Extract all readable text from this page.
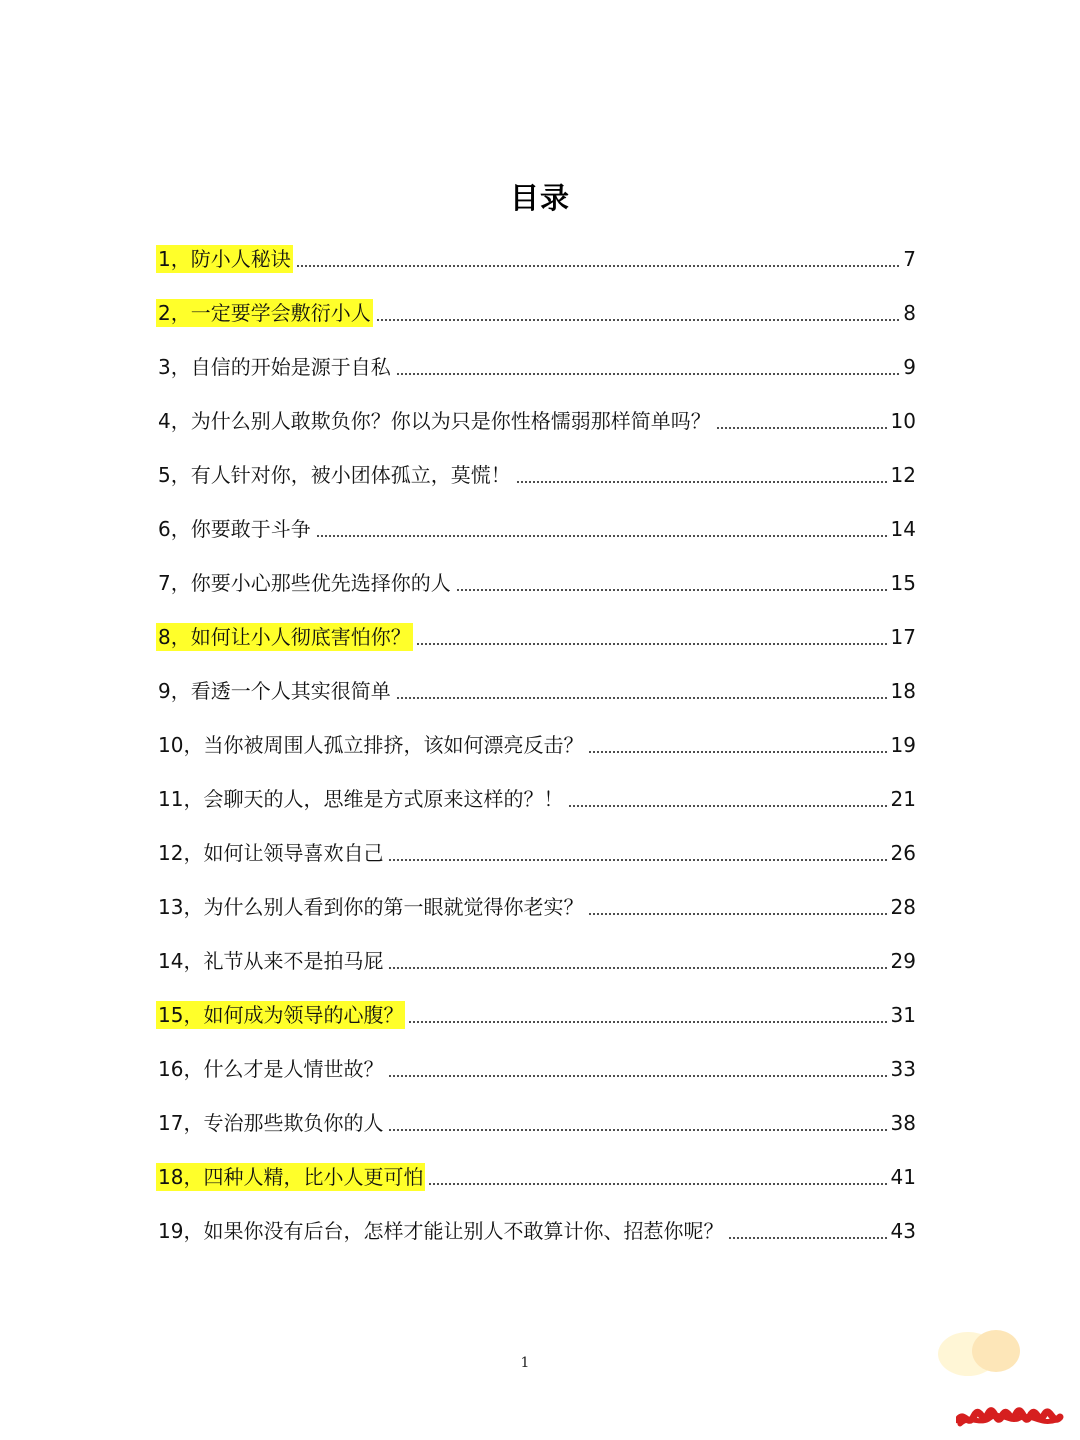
目录
1，防小人秘诀	7
2，一定要学会敷衍小人	8
3，自信的开始是源于自私	9
4，为什么别人敢欺负你？你以为只是你性格懦弱那样简单吗？	10
5，有人针对你，被小团体孤立，莫慌！	12
6，你要敢于斗争	14
7，你要小心那些优先选择你的人	15
8，如何让小人彻底害怕你？	17
9，看透一个人其实很简单	18
10，当你被周围人孤立排挤，该如何漂亮反击？	19
11，会聊天的人，思维是方式原来这样的？！	21
12，如何让领导喜欢自己	26
13，为什么别人看到你的第一眼就觉得你老实？	28
14，礼节从来不是拍马屁	29
15，如何成为领导的心腹？	31
16，什么才是人情世故？	33
17，专治那些欺负你的人	38
18，四种人精，比小人更可怕	41
19，如果你没有后台，怎样才能让别人不敢算计你、招惹你呢？	43
1
